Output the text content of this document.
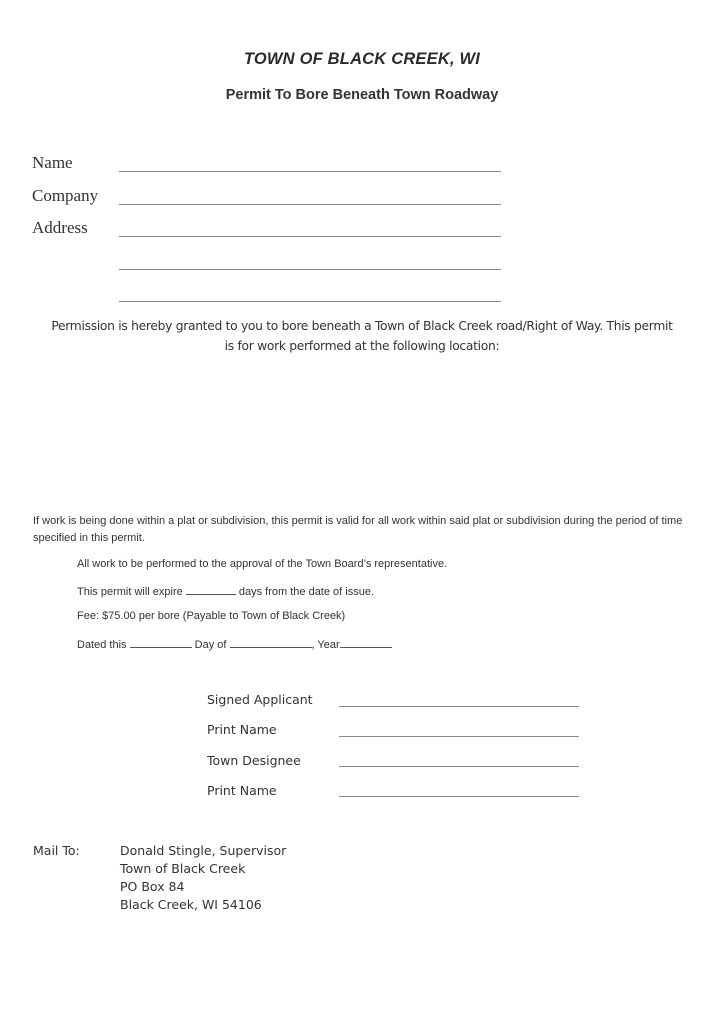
TOWN OF BLACK CREEK, WI
Permit To Bore Beneath Town Roadway
Name
Company
Address
Permission is hereby granted to you to bore beneath a Town of Black Creek road/Right of Way. This permit
is for work performed at the following location:
If work is being done within a plat or subdivision, this permit is valid for all work within said plat or subdivision during the period of time specified in this permit.
All work to be performed to the approval of the Town Board’s representative.
This permit will expire	days from the date of issue.
Fee: $75.00 per bore (Payable to Town of Black Creek)
Dated this	Day of	, Year
Signed Applicant
Print Name
Town Designee
Print Name
Mail To:	Donald Stingle, Supervisor
Town of Black Creek
PO Box 84
Black Creek, WI 54106
